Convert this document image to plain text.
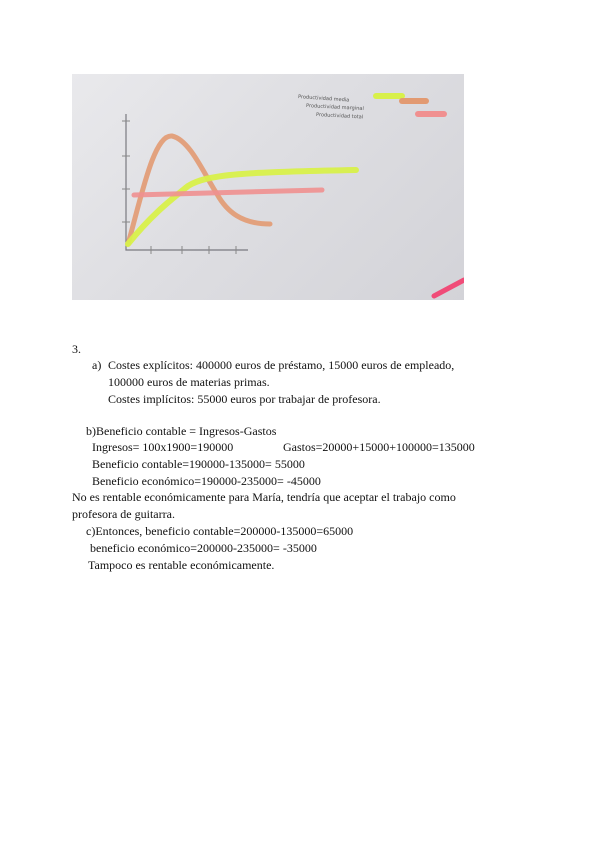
Productividad media
Productividad marginal
Productividad total
3.
a) Costes explícitos: 400000 euros de préstamo, 15000 euros de empleado,
100000 euros de materias primas.
Costes implícitos: 55000 euros por trabajar de profesora.
b)Beneficio contable = Ingresos-Gastos
Ingresos= 100x1900=190000	Gastos=20000+15000+100000=135000
Beneficio contable=190000-135000= 55000
Beneficio económico=190000-235000= -45000
No es rentable económicamente para María, tendría que aceptar el trabajo como
profesora de guitarra.
c)Entonces, beneficio contable=200000-135000=65000
beneficio económico=200000-235000= -35000
Tampoco es rentable económicamente.
